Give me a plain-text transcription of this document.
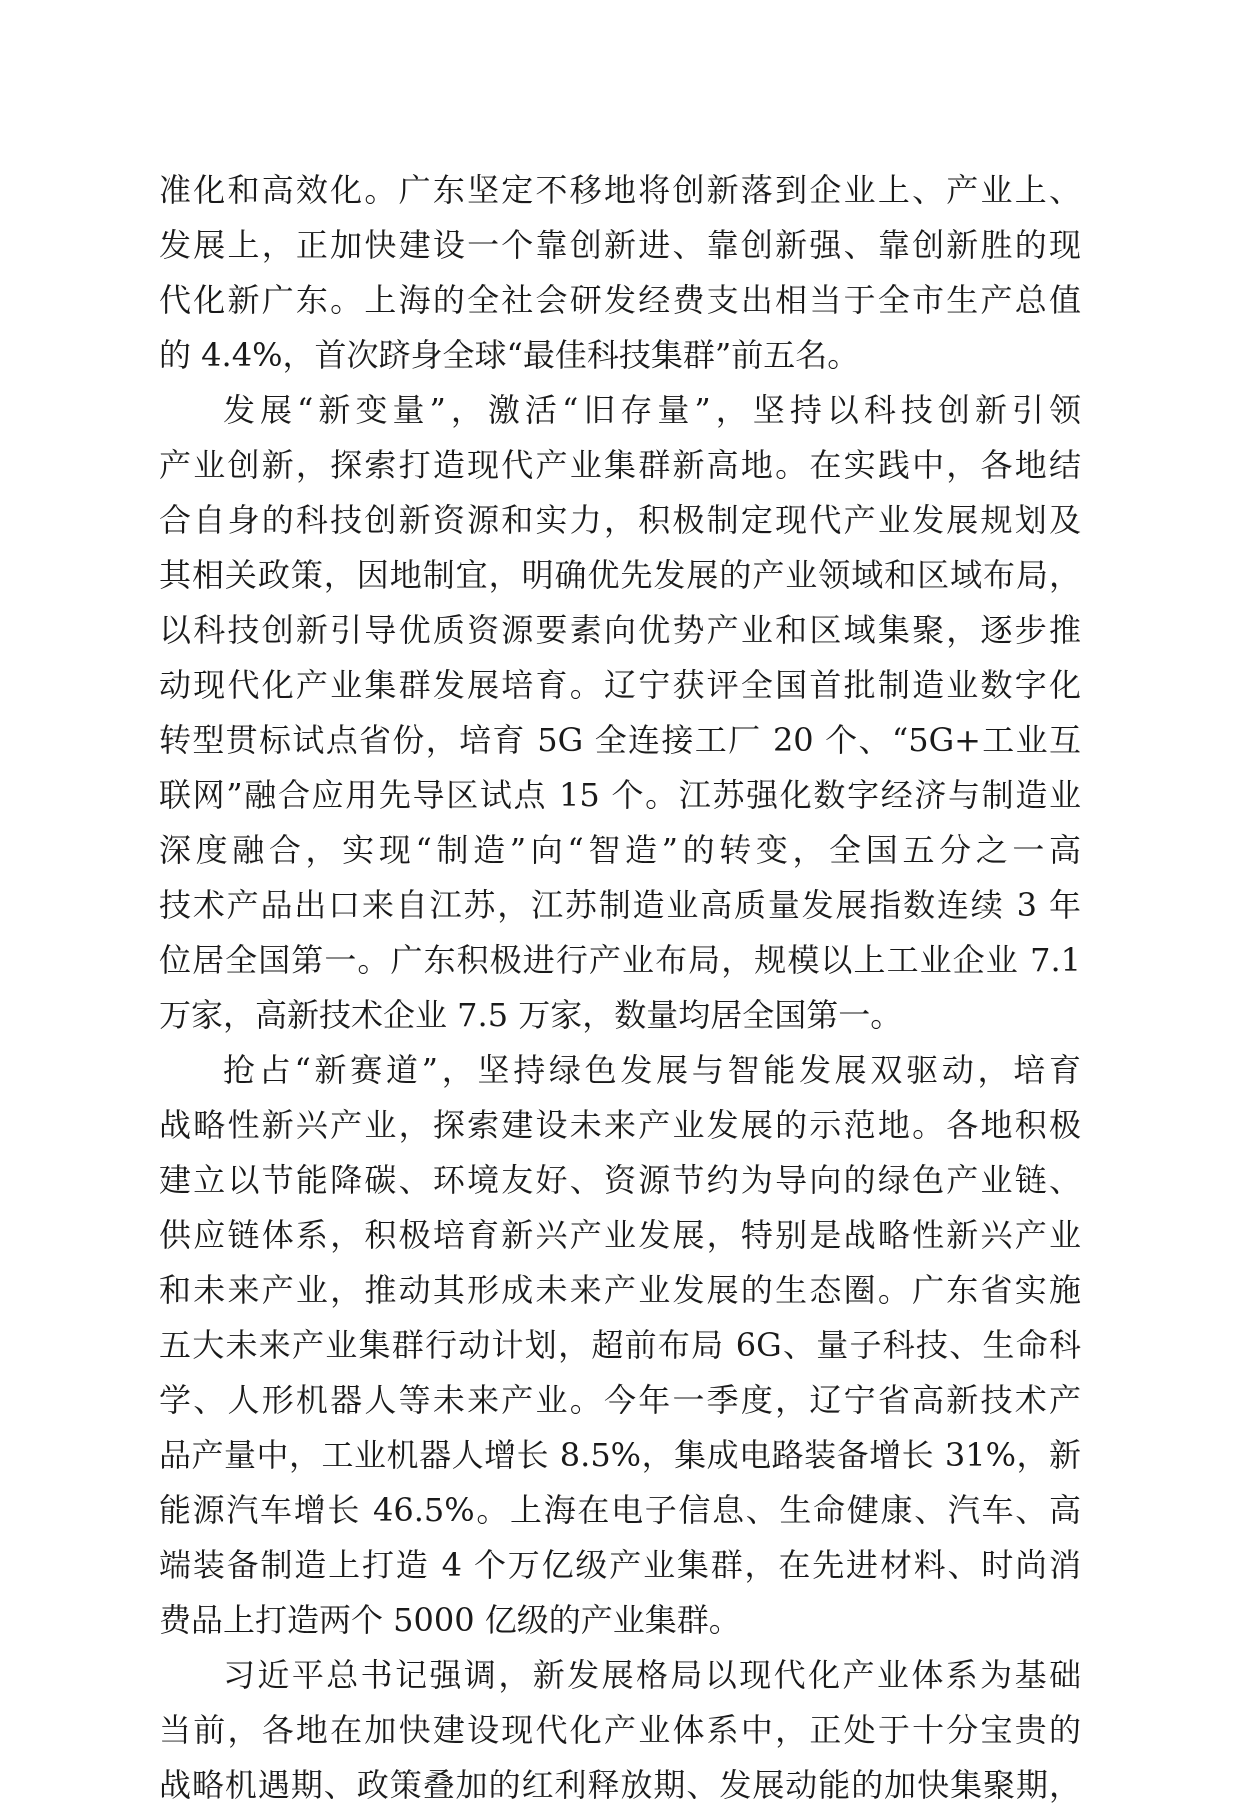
准化和高效化。广东坚定不移地将创新落到企业上、产业上、
发展上，正加快建设一个靠创新进、靠创新强、靠创新胜的现
代化新广东。上海的全社会研发经费支出相当于全市生产总值
的 4.4%，首次跻身全球“最佳科技集群”前五名。
发展“新变量”，激活“旧存量”，坚持以科技创新引领
产业创新，探索打造现代产业集群新高地。在实践中，各地结
合自身的科技创新资源和实力，积极制定现代产业发展规划及
其相关政策，因地制宜，明确优先发展的产业领域和区域布局，
以科技创新引导优质资源要素向优势产业和区域集聚，逐步推
动现代化产业集群发展培育。辽宁获评全国首批制造业数字化
转型贯标试点省份，培育 5G 全连接工厂 20 个、“5G+工业互
联网”融合应用先导区试点 15 个。江苏强化数字经济与制造业
深度融合，实现“制造”向“智造”的转变，全国五分之一高
技术产品出口来自江苏，江苏制造业高质量发展指数连续 3 年
位居全国第一。广东积极进行产业布局，规模以上工业企业 7.1
万家，高新技术企业 7.5 万家，数量均居全国第一。
抢占“新赛道”，坚持绿色发展与智能发展双驱动，培育
战略性新兴产业，探索建设未来产业发展的示范地。各地积极
建立以节能降碳、环境友好、资源节约为导向的绿色产业链、
供应链体系，积极培育新兴产业发展，特别是战略性新兴产业
和未来产业，推动其形成未来产业发展的生态圈。广东省实施
五大未来产业集群行动计划，超前布局 6G、量子科技、生命科
学、人形机器人等未来产业。今年一季度，辽宁省高新技术产
品产量中，工业机器人增长 8.5%，集成电路装备增长 31%，新
能源汽车增长 46.5%。上海在电子信息、生命健康、汽车、高
端装备制造上打造 4 个万亿级产业集群，在先进材料、时尚消
费品上打造两个 5000 亿级的产业集群。
习近平总书记强调，新发展格局以现代化产业体系为基础
当前，各地在加快建设现代化产业体系中，正处于十分宝贵的
战略机遇期、政策叠加的红利释放期、发展动能的加快集聚期，
